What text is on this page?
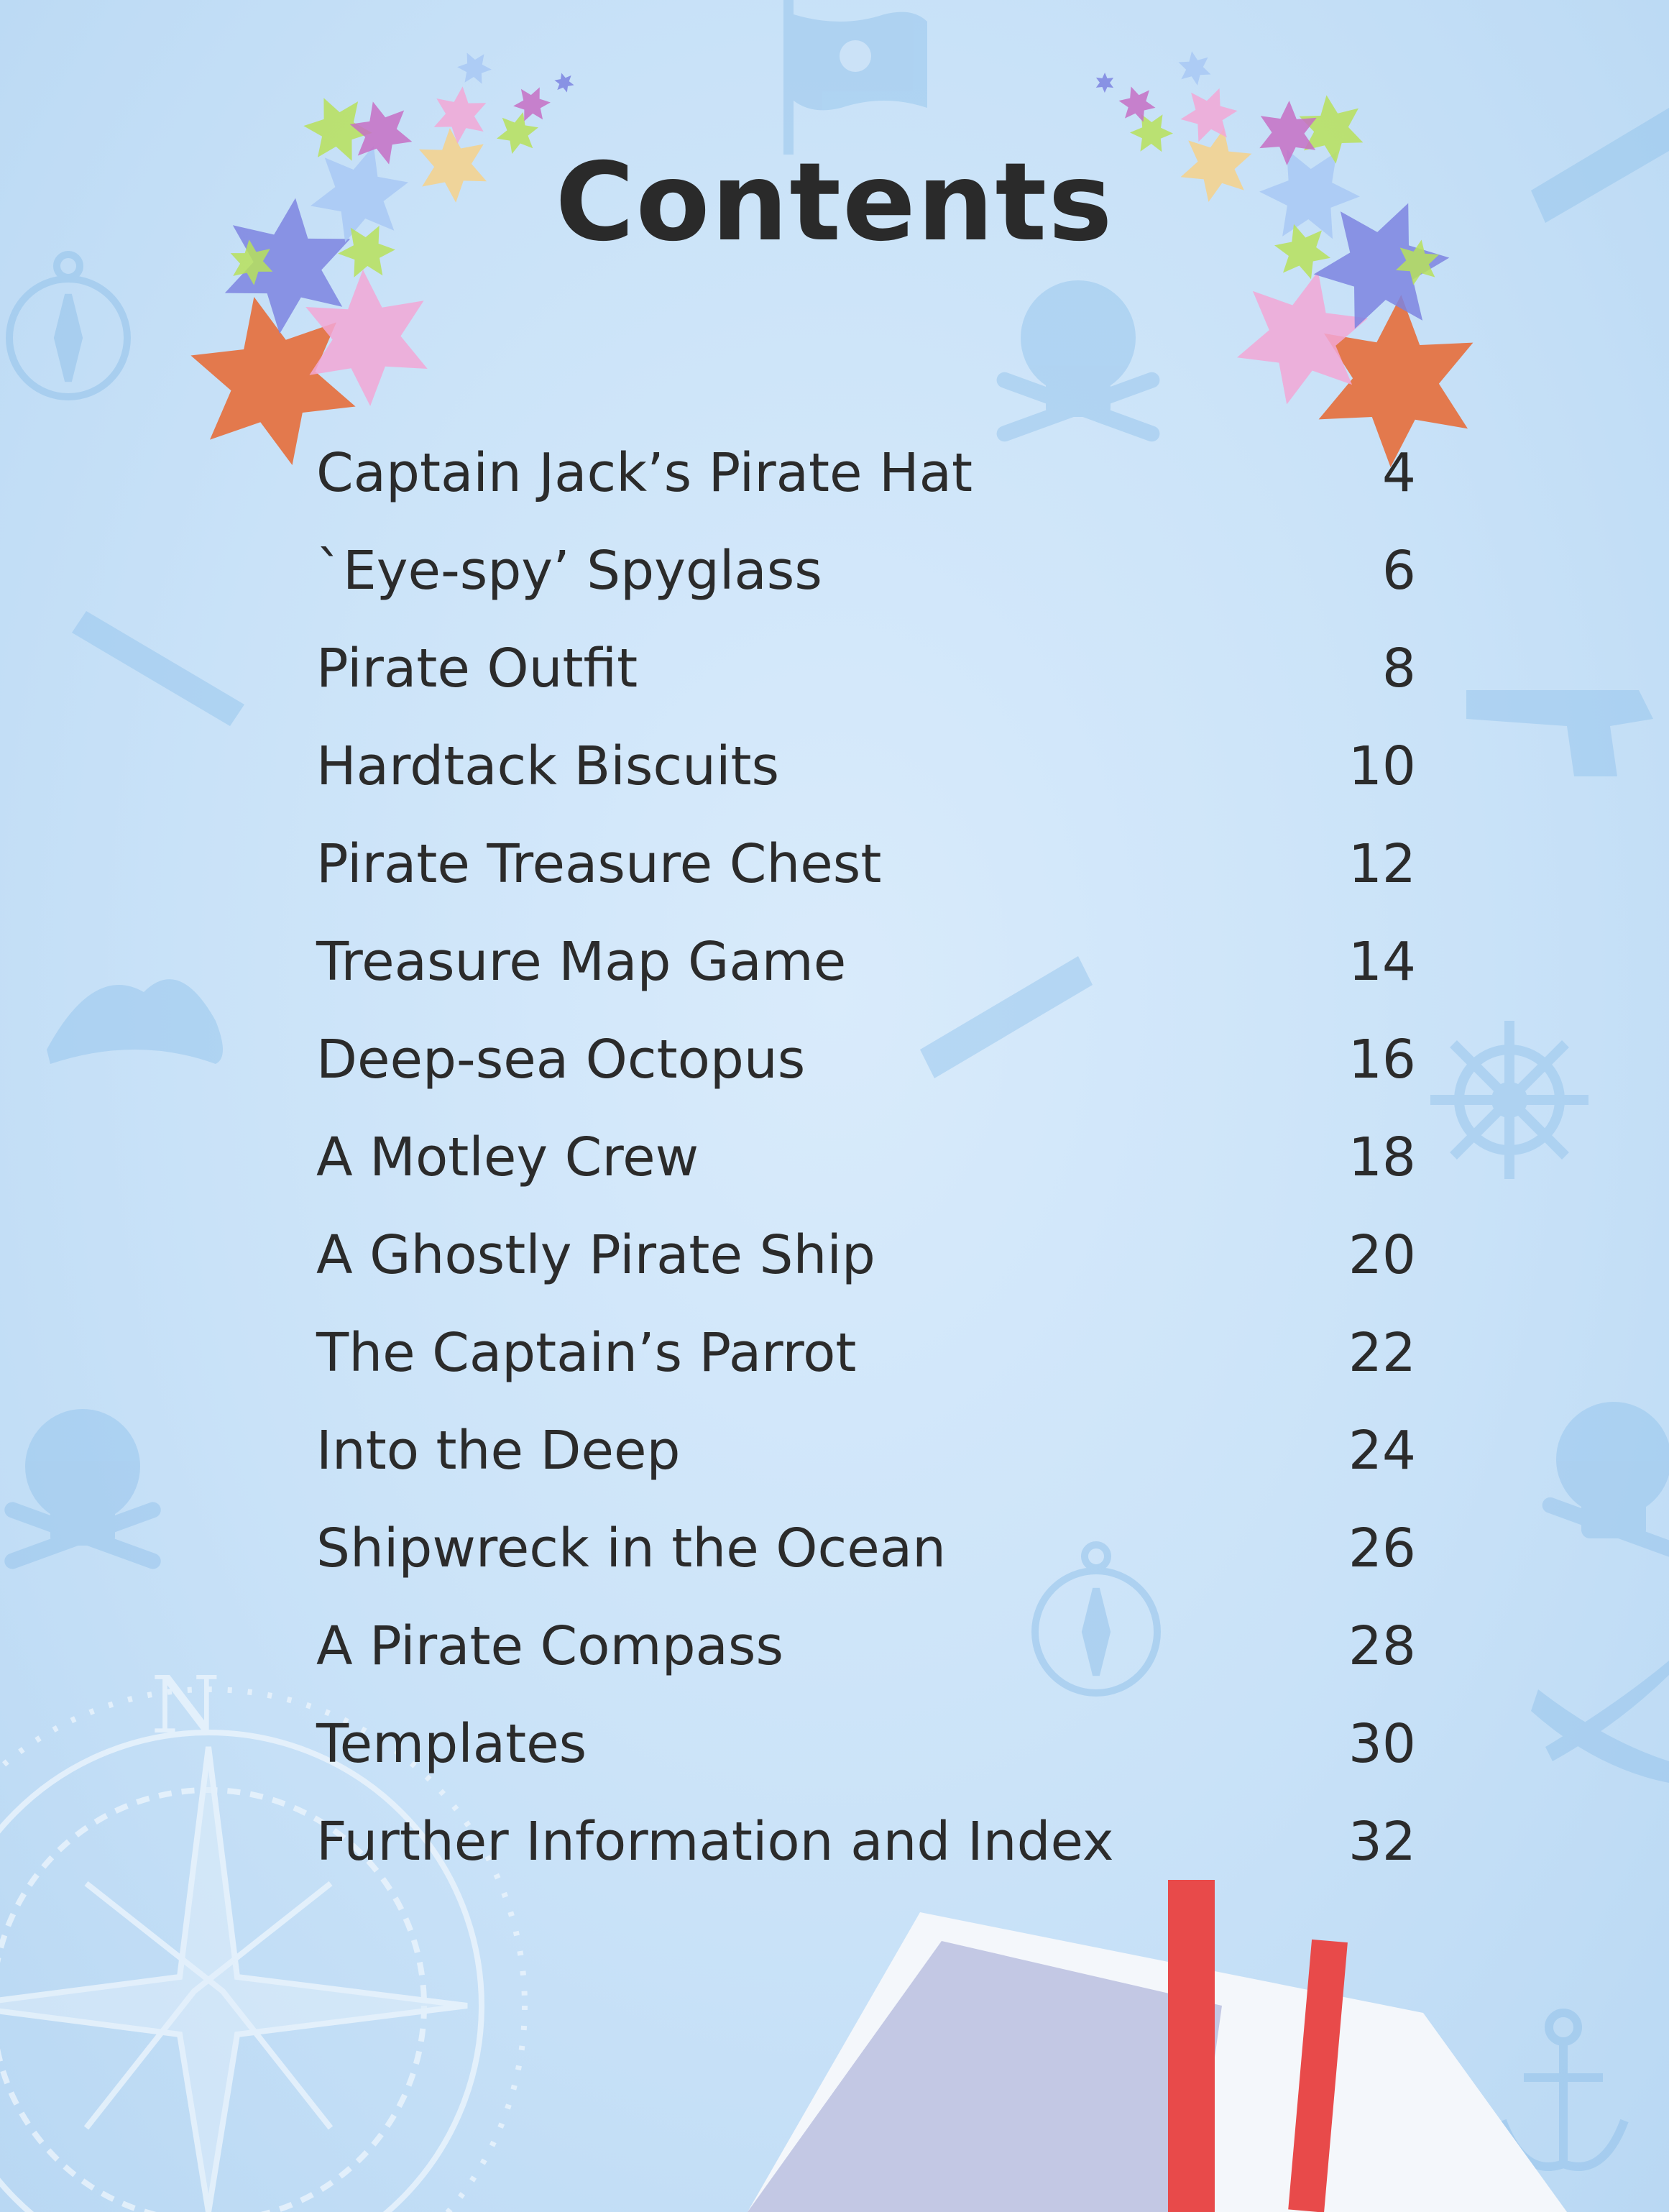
N
Contents
Captain Jack’s Pirate Hat	4
`Eye-spy’ Spyglass	6
Pirate Outfit	8
Hardtack Biscuits	10
Pirate Treasure Chest	12
Treasure Map Game	14
Deep-sea Octopus	16
A Motley Crew	18
A Ghostly Pirate Ship	20
The Captain’s Parrot	22
Into the Deep	24
Shipwreck in the Ocean	26
A Pirate Compass	28
Templates	30
Further Information and Index	32
